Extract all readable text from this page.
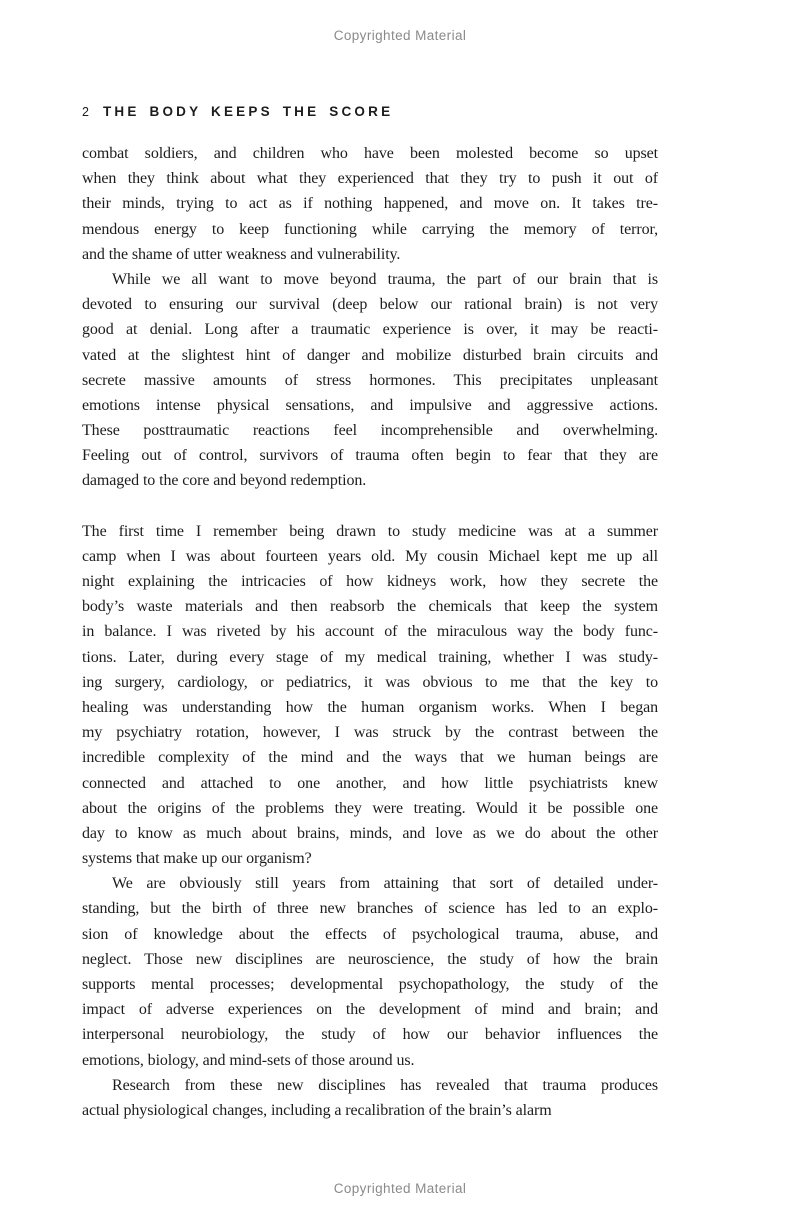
Copyrighted Material
2 THE BODY KEEPS THE SCORE
combat soldiers, and children who have been molested become so upset
when they think about what they experienced that they try to push it out of
their minds, trying to act as if nothing happened, and move on. It takes tre-
mendous energy to keep functioning while carrying the memory of terror,
and the shame of utter weakness and vulnerability.
While we all want to move beyond trauma, the part of our brain that is
devoted to ensuring our survival (deep below our rational brain) is not very
good at denial. Long after a traumatic experience is over, it may be reacti-
vated at the slightest hint of danger and mobilize disturbed brain circuits and
secrete massive amounts of stress hormones. This precipitates unpleasant
emotions intense physical sensations, and impulsive and aggressive actions.
These posttraumatic reactions feel incomprehensible and overwhelming.
Feeling out of control, survivors of trauma often begin to fear that they are
damaged to the core and beyond redemption.
The first time I remember being drawn to study medicine was at a summer
camp when I was about fourteen years old. My cousin Michael kept me up all
night explaining the intricacies of how kidneys work, how they secrete the
body’s waste materials and then reabsorb the chemicals that keep the system
in balance. I was riveted by his account of the miraculous way the body func-
tions. Later, during every stage of my medical training, whether I was study-
ing surgery, cardiology, or pediatrics, it was obvious to me that the key to
healing was understanding how the human organism works. When I began
my psychiatry rotation, however, I was struck by the contrast between the
incredible complexity of the mind and the ways that we human beings are
connected and attached to one another, and how little psychiatrists knew
about the origins of the problems they were treating. Would it be possible one
day to know as much about brains, minds, and love as we do about the other
systems that make up our organism?
We are obviously still years from attaining that sort of detailed under-
standing, but the birth of three new branches of science has led to an explo-
sion of knowledge about the effects of psychological trauma, abuse, and
neglect. Those new disciplines are neuroscience, the study of how the brain
supports mental processes; developmental psychopathology, the study of the
impact of adverse experiences on the development of mind and brain; and
interpersonal neurobiology, the study of how our behavior influences the
emotions, biology, and mind-sets of those around us.
Research from these new disciplines has revealed that trauma produces
actual physiological changes, including a recalibration of the brain’s alarm
Copyrighted Material
